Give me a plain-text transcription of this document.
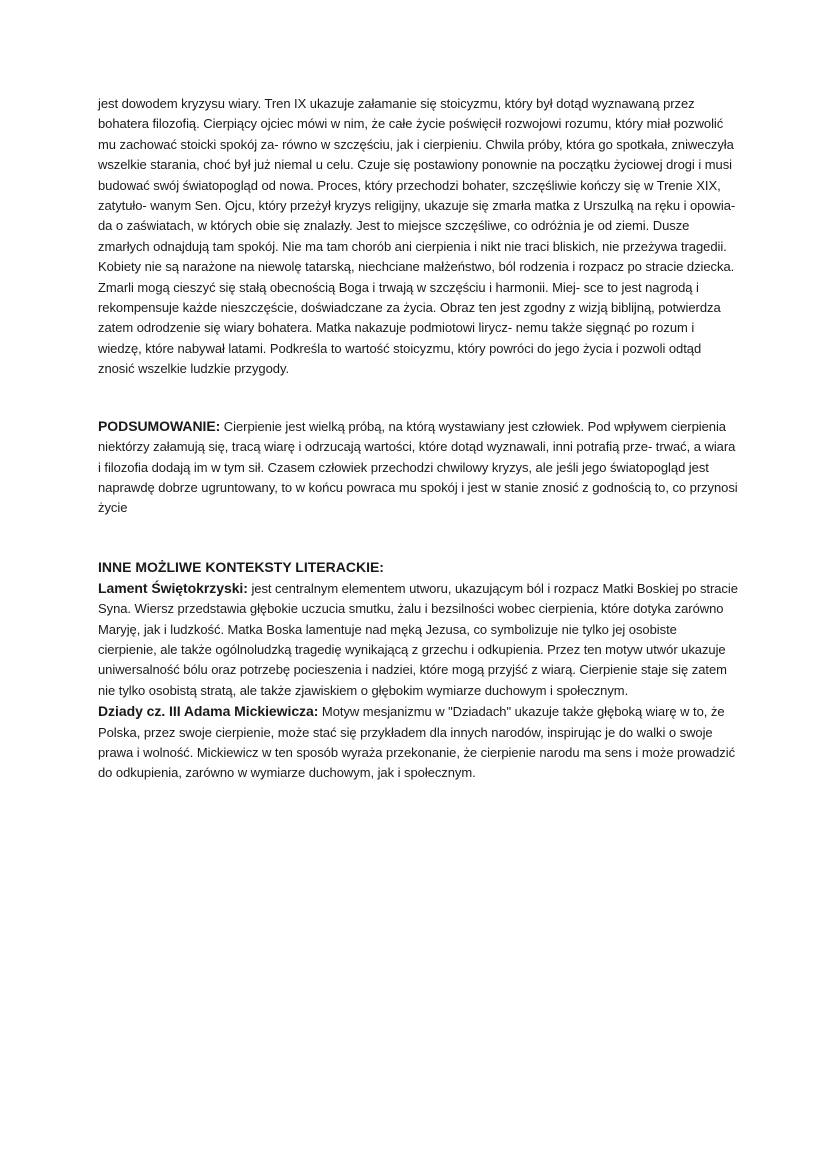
jest dowodem kryzysu wiary. Tren IX ukazuje załamanie się stoicyzmu, który był dotąd wyznawaną przez bohatera filozofią. Cierpiący ojciec mówi w nim, że całe życie poświęcił rozwojowi rozumu, który miał pozwolić mu zachować stoicki spokój za- równo w szczęściu, jak i cierpieniu. Chwila próby, która go spotkała, zniweczyła wszelkie starania, choć był już niemal u celu. Czuje się postawiony ponownie na początku życiowej drogi i musi budować swój światopogląd od nowa. Proces, który przechodzi bohater, szczęśliwie kończy się w Trenie XIX, zatytuło- wanym Sen. Ojcu, który przeżył kryzys religijny, ukazuje się zmarła matka z Urszulką na ręku i opowia- da o zaświatach, w których obie się znalazły. Jest to miejsce szczęśliwe, co odróżnia je od ziemi. Dusze zmarłych odnajdują tam spokój. Nie ma tam chorób ani cierpienia i nikt nie traci bliskich, nie przeżywa tragedii. Kobiety nie są narażone na niewolę tatarską, niechciane małżeństwo, ból rodzenia i rozpacz po stracie dziecka. Zmarli mogą cieszyć się stałą obecnością Boga i trwają w szczęściu i harmonii. Miej- sce to jest nagrodą i rekompensuje każde nieszczęście, doświadczane za życia. Obraz ten jest zgodny z wizją biblijną, potwierdza zatem odrodzenie się wiary bohatera. Matka nakazuje podmiotowi lirycz- nemu także sięgnąć po rozum i wiedzę, które nabywał latami. Podkreśla to wartość stoicyzmu, który powróci do jego życia i pozwoli odtąd znosić wszelkie ludzkie przygody.

PODSUMOWANIE: Cierpienie jest wielką próbą, na którą wystawiany jest człowiek. Pod wpływem cierpienia niektórzy załamują się, tracą wiarę i odrzucają wartości, które dotąd wyznawali, inni potrafią prze- trwać, a wiara i filozofia dodają im w tym sił. Czasem człowiek przechodzi chwilowy kryzys, ale jeśli jego światopogląd jest naprawdę dobrze ugruntowany, to w końcu powraca mu spokój i jest w stanie znosić z godnością to, co przynosi życie

INNE MOŻLIWE KONTEKSTY LITERACKIE:

Lament Świętokrzyski: jest centralnym elementem utworu, ukazującym ból i rozpacz Matki Boskiej po stracie Syna. Wiersz przedstawia głębokie uczucia smutku, żalu i bezsilności wobec cierpienia, które dotyka zarówno Maryję, jak i ludzkość. Matka Boska lamentuje nad męką Jezusa, co symbolizuje nie tylko jej osobiste cierpienie, ale także ogólnoludzką tragedię wynikającą z grzechu i odkupienia. Przez ten motyw utwór ukazuje uniwersalność bólu oraz potrzebę pocieszenia i nadziei, które mogą przyjść z wiarą. Cierpienie staje się zatem nie tylko osobistą stratą, ale także zjawiskiem o głębokim wymiarze duchowym i społecznym.

Dziady cz. III Adama Mickiewicza: Motyw mesjanizmu w "Dziadach" ukazuje także głęboką wiarę w to, że Polska, przez swoje cierpienie, może stać się przykładem dla innych narodów, inspirując je do walki o swoje prawa i wolność. Mickiewicz w ten sposób wyraża przekonanie, że cierpienie narodu ma sens i może prowadzić do odkupienia, zarówno w wymiarze duchowym, jak i społecznym.
